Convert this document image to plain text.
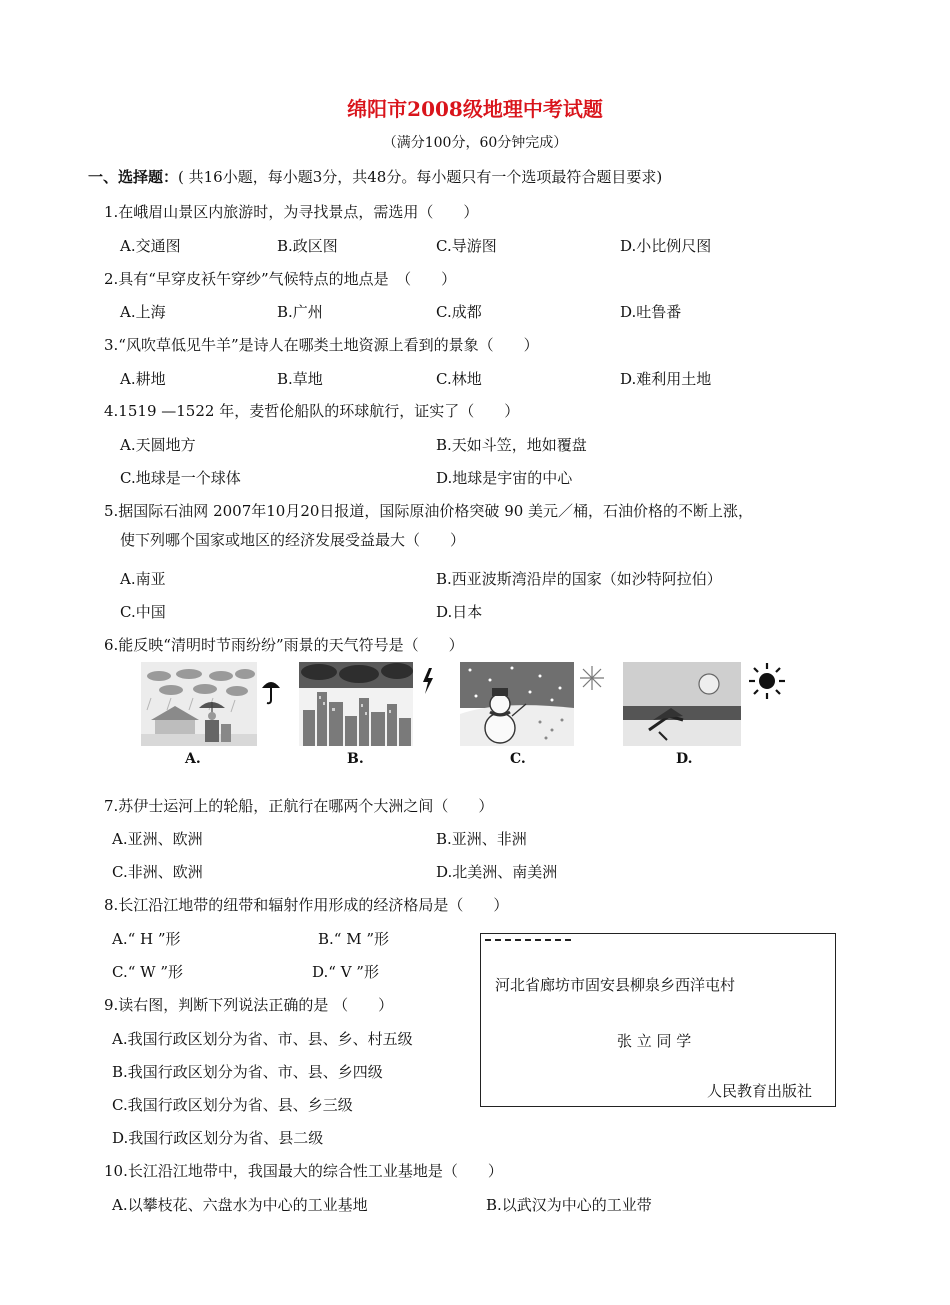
绵阳市2008级地理中考试题
（满分100分，60分钟完成）
一、选择题：( 共16小题，每小题3分，共48分。每小题只有一个选项最符合题目要求)
1.在峨眉山景区内旅游时，为寻找景点，需选用（　　）
A.交通图	B.政区图	C.导游图	D.小比例尺图
2.具有“早穿皮袄午穿纱”气候特点的地点是　（　　）
A.上海	B.广州	C.成都	D.吐鲁番
3.“风吹草低见牛羊”是诗人在哪类土地资源上看到的景象（　　）
A.耕地	B.草地	C.林地	D.难利用土地
4.1519 —1522 年，麦哲伦船队的环球航行，证实了（　　）
A.天圆地方	B.天如斗笠，地如覆盘
C.地球是一个球体	D.地球是宇宙的中心
5.据国际石油网 2007年10月20日报道，国际原油价格突破 90 美元／桶，石油价格的不断上涨，
使下列哪个国家或地区的经济发展受益最大（　　）
A.南亚	B.西亚波斯湾沿岸的国家（如沙特阿拉伯）
C.中国	D.日本
6.能反映“清明时节雨纷纷”雨景的天气符号是（　　）
A.	B.	C.	D.
7.苏伊士运河上的轮船，正航行在哪两个大洲之间（　　）
A.亚洲、欧洲	B.亚洲、非洲
C.非洲、欧洲	D.北美洲、南美洲
8.长江沿江地带的纽带和辐射作用形成的经济格局是（　　）
A.“ H ”形	B.“ M ”形
C.“ W ”形	D.“ V ”形
河北省廊坊市固安县柳泉乡西洋屯村
张 立 同 学
人民教育出版社
9.读右图，判断下列说法正确的是 （　　）
A.我国行政区划分为省、市、县、乡、村五级
B.我国行政区划分为省、市、县、乡四级
C.我国行政区划分为省、县、乡三级
D.我国行政区划分为省、县二级
10.长江沿江地带中，我国最大的综合性工业基地是（　　）
A.以攀枝花、六盘水为中心的工业基地	B.以武汉为中心的工业带
